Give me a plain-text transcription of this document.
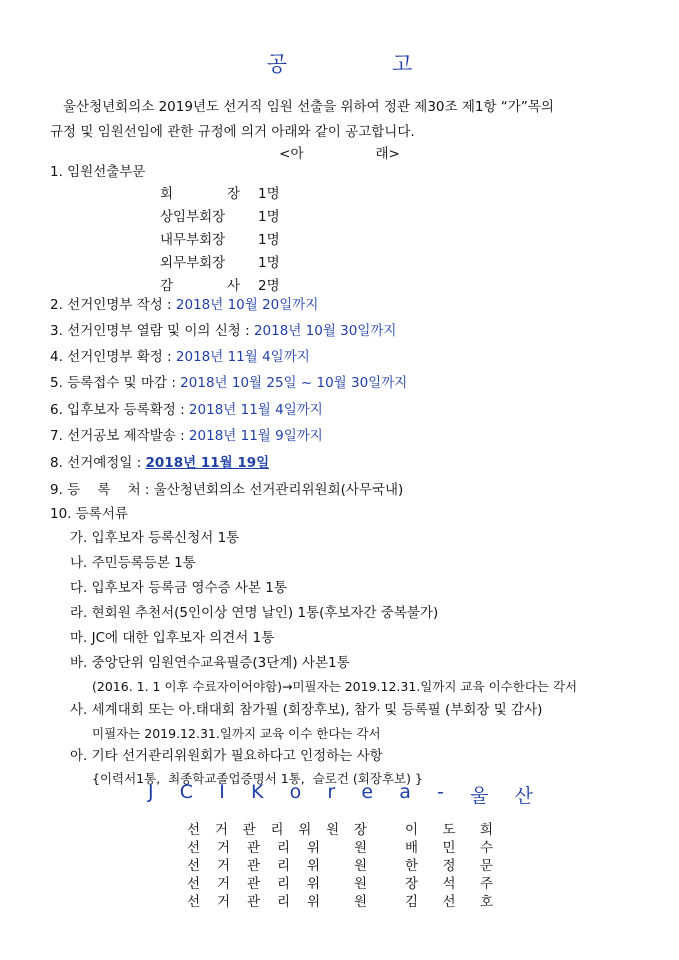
공	고
울산청년회의소 2019년도 선거직 임원 선출을 위하여 정관 제30조 제1항 “가”목의
규정 및 임원선임에 관한 규정에 의거 아래와 같이 공고합니다.
<아	래>
1. 임원선출부문
회	장 1명
상임부회장	1명
내무부회장	1명
외무부회장	1명
감	사 2명
2. 선거인명부 작성 : 2018년 10월 20일까지
3. 선거인명부 열람 및 이의 신청 : 2018년 10월 30일까지
4. 선거인명부 확정 : 2018년 11월 4일까지
5. 등록접수 및 마감 : 2018년 10월 25일 ~ 10월 30일까지
6. 입후보자 등록확정 : 2018년 11월 4일까지
7. 선거공보 제작발송 : 2018년 11월 9일까지
8. 선거예정일 : 2018년 11월 19일
9. 등    록    처 : 울산청년회의소 선거관리위원회(사무국내)
10. 등록서류
가. 입후보자 등록신청서 1통
나. 주민등록등본 1통
다. 입후보자 등록금 영수증 사본 1통
라. 현회원 추천서(5인이상 연명 날인) 1통(후보자간 중복불가)
마. JC에 대한 입후보자 의견서 1통
바. 중앙단위 임원연수교육필증(3단계) 사본1통
(2016. 1. 1 이후 수료자이어야함)→미필자는 2019.12.31.일까지 교육 이수한다는 각서
사. 세계대회 또는 아.태대회 참가필 (회장후보), 참가 및 등록필 (부회장 및 감사)
미필자는 2019.12.31.일까지 교육 이수 한다는 각서
아. 기타 선거관리위원회가 필요하다고 인정하는 사항
{이력서1통,  최종학교졸업증명서 1통,  슬로건 (회장후보) }
J C I K o r e a - 울 산
선 거 관 리 위 원 장	이 도 희
선 거 관 리 위	원	배 민 수
선 거 관 리 위	원	한 정 문
선 거 관 리 위	원	장 석 주
선 거 관 리 위	원	김 선 호
